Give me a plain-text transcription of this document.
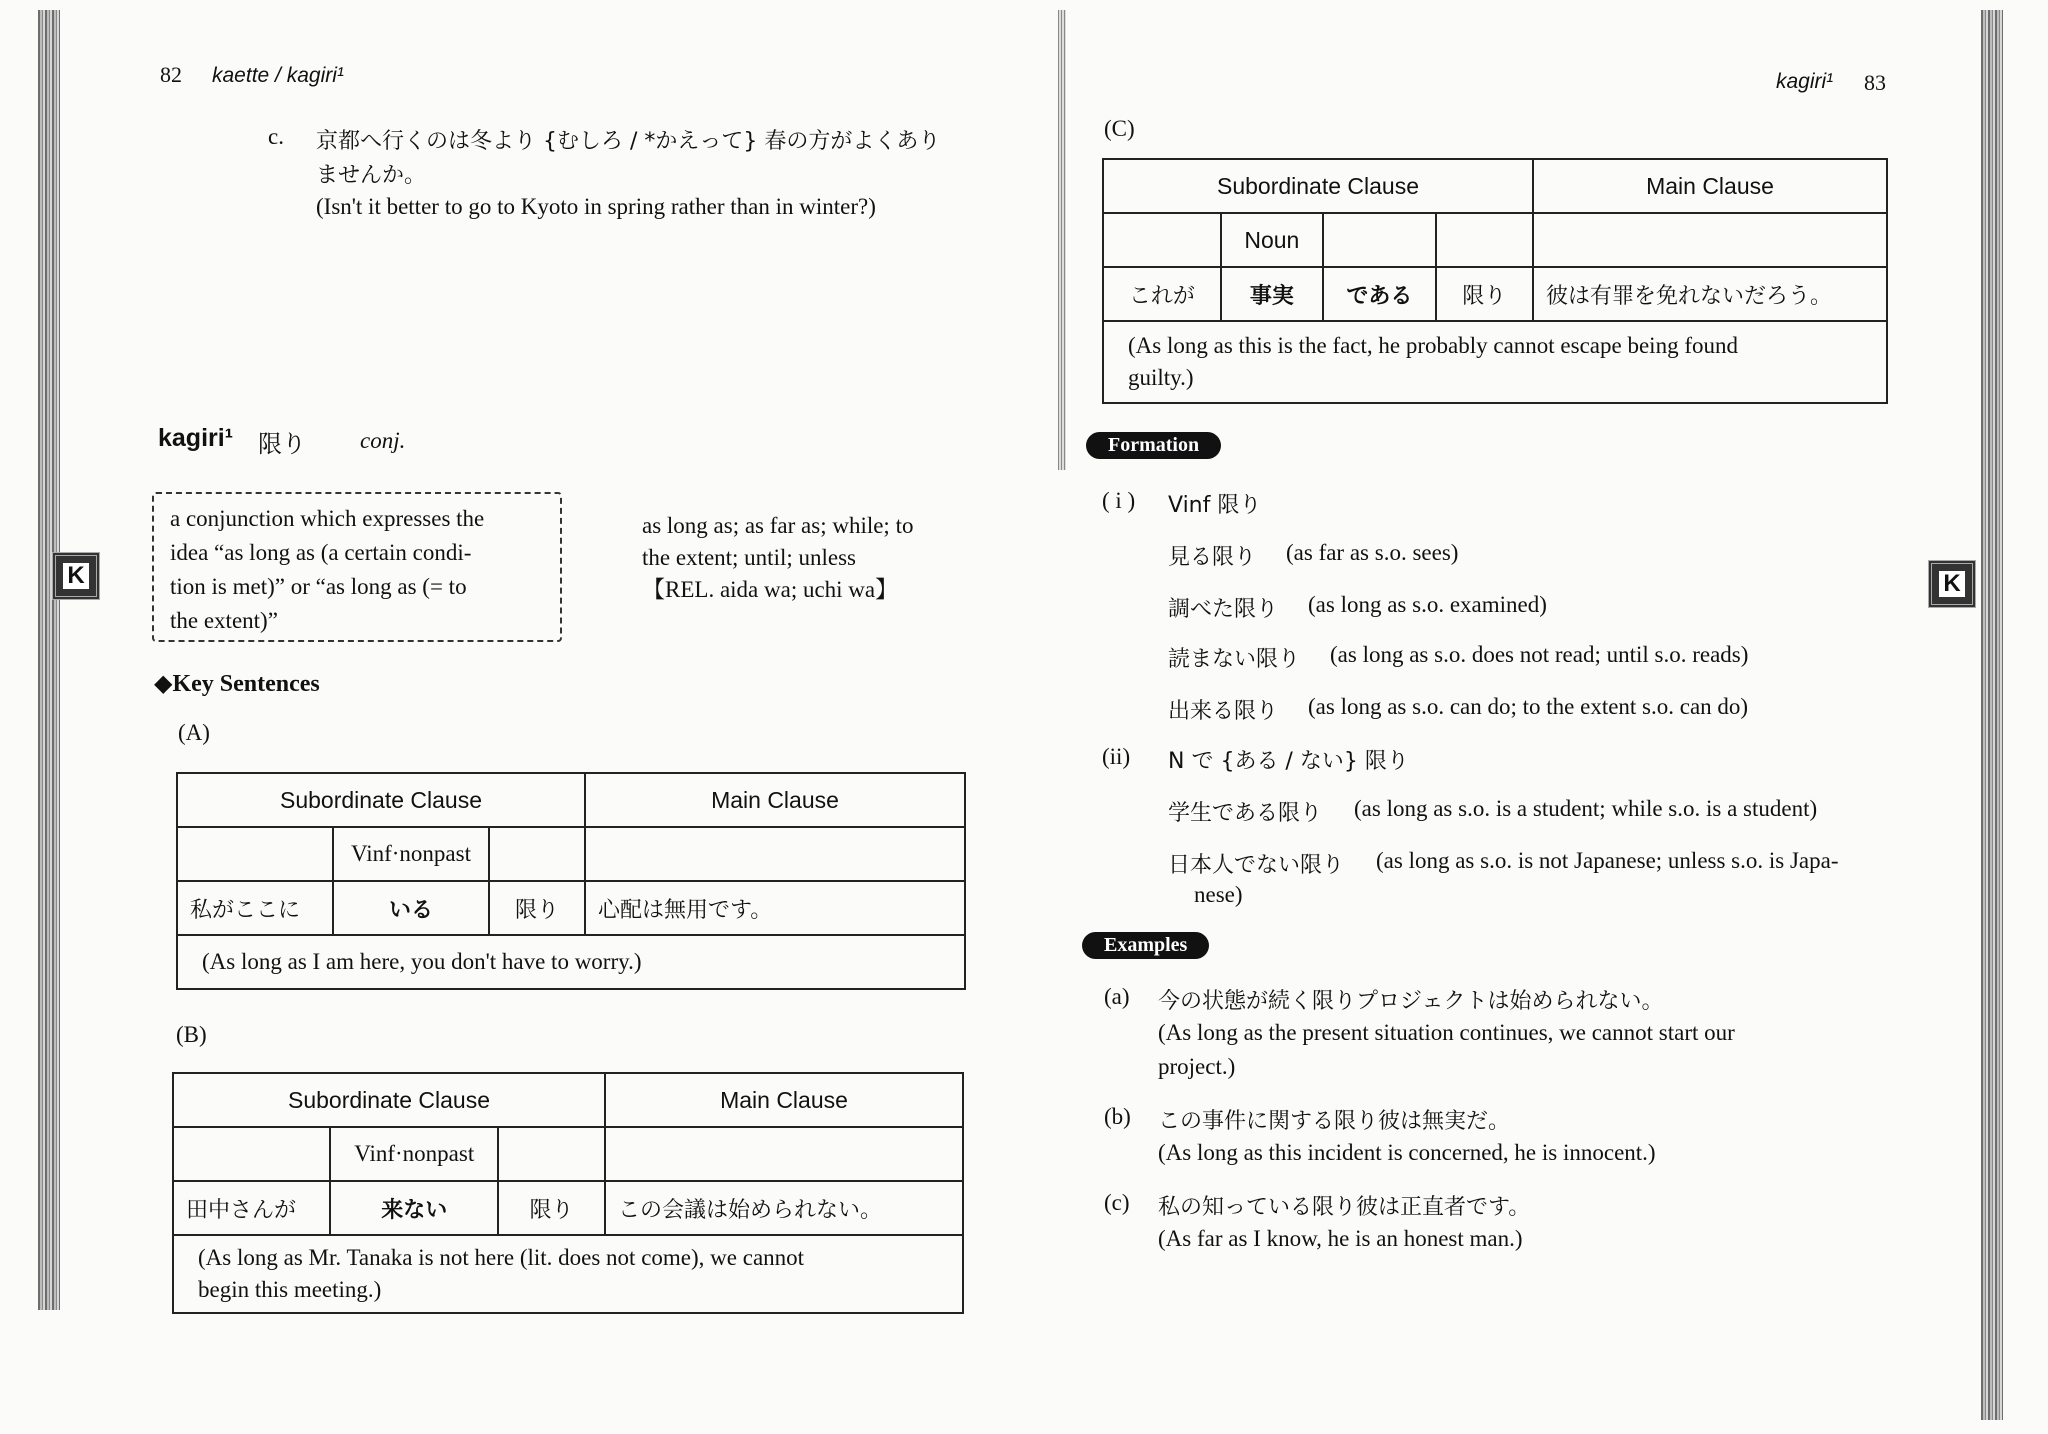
82 kaette / kagiri¹
c. 京都へ行くのは冬より {むしろ / *かえって} 春の方がよくあり
ませんか。
(Isn't it better to go to Kyoto in spring rather than in winter?)
kagiri¹ 限り conj.
a conjunction which expresses the
idea “as long as (a certain condi-
tion is met)” or “as long as (= to
the extent)”
as long as; as far as; while; to
the extent; until; unless
【REL. aida wa; uchi wa】
K
◆Key Sentences
(A)
Subordinate Clause			Main Clause
	Vinf·nonpast		
私がここに	いる	限り	心配は無用です。
(As long as I am here, you don't have to worry.)			
(B)
Subordinate Clause			Main Clause
	Vinf·nonpast		
田中さんが	来ない	限り	この会議は始められない。

(As long as Mr. Tanaka is not here (lit. does not come), we cannot
begin this meeting.)			
kagiri¹ 83
K
(C)
Subordinate Clause				Main Clause
	Noun			
これが	事実	である	限り	彼は有罪を免れないだろう。

(As long as this is the fact, he probably cannot escape being found
guilty.)				
Formation
( i ) Vinf 限り
見る限り (as far as s.o. sees)
調べた限り (as long as s.o. examined)
読まない限り (as long as s.o. does not read; until s.o. reads)
出来る限り (as long as s.o. can do; to the extent s.o. can do)
(ii) N で {ある / ない} 限り
学生である限り (as long as s.o. is a student; while s.o. is a student)
日本人でない限り (as long as s.o. is not Japanese; unless s.o. is Japa-
nese)
Examples
(a) 今の状態が続く限りプロジェクトは始められない。
(As long as the present situation continues, we cannot start our
project.)
(b) この事件に関する限り彼は無実だ。
(As long as this incident is concerned, he is innocent.)
(c) 私の知っている限り彼は正直者です。
(As far as I know, he is an honest man.)
